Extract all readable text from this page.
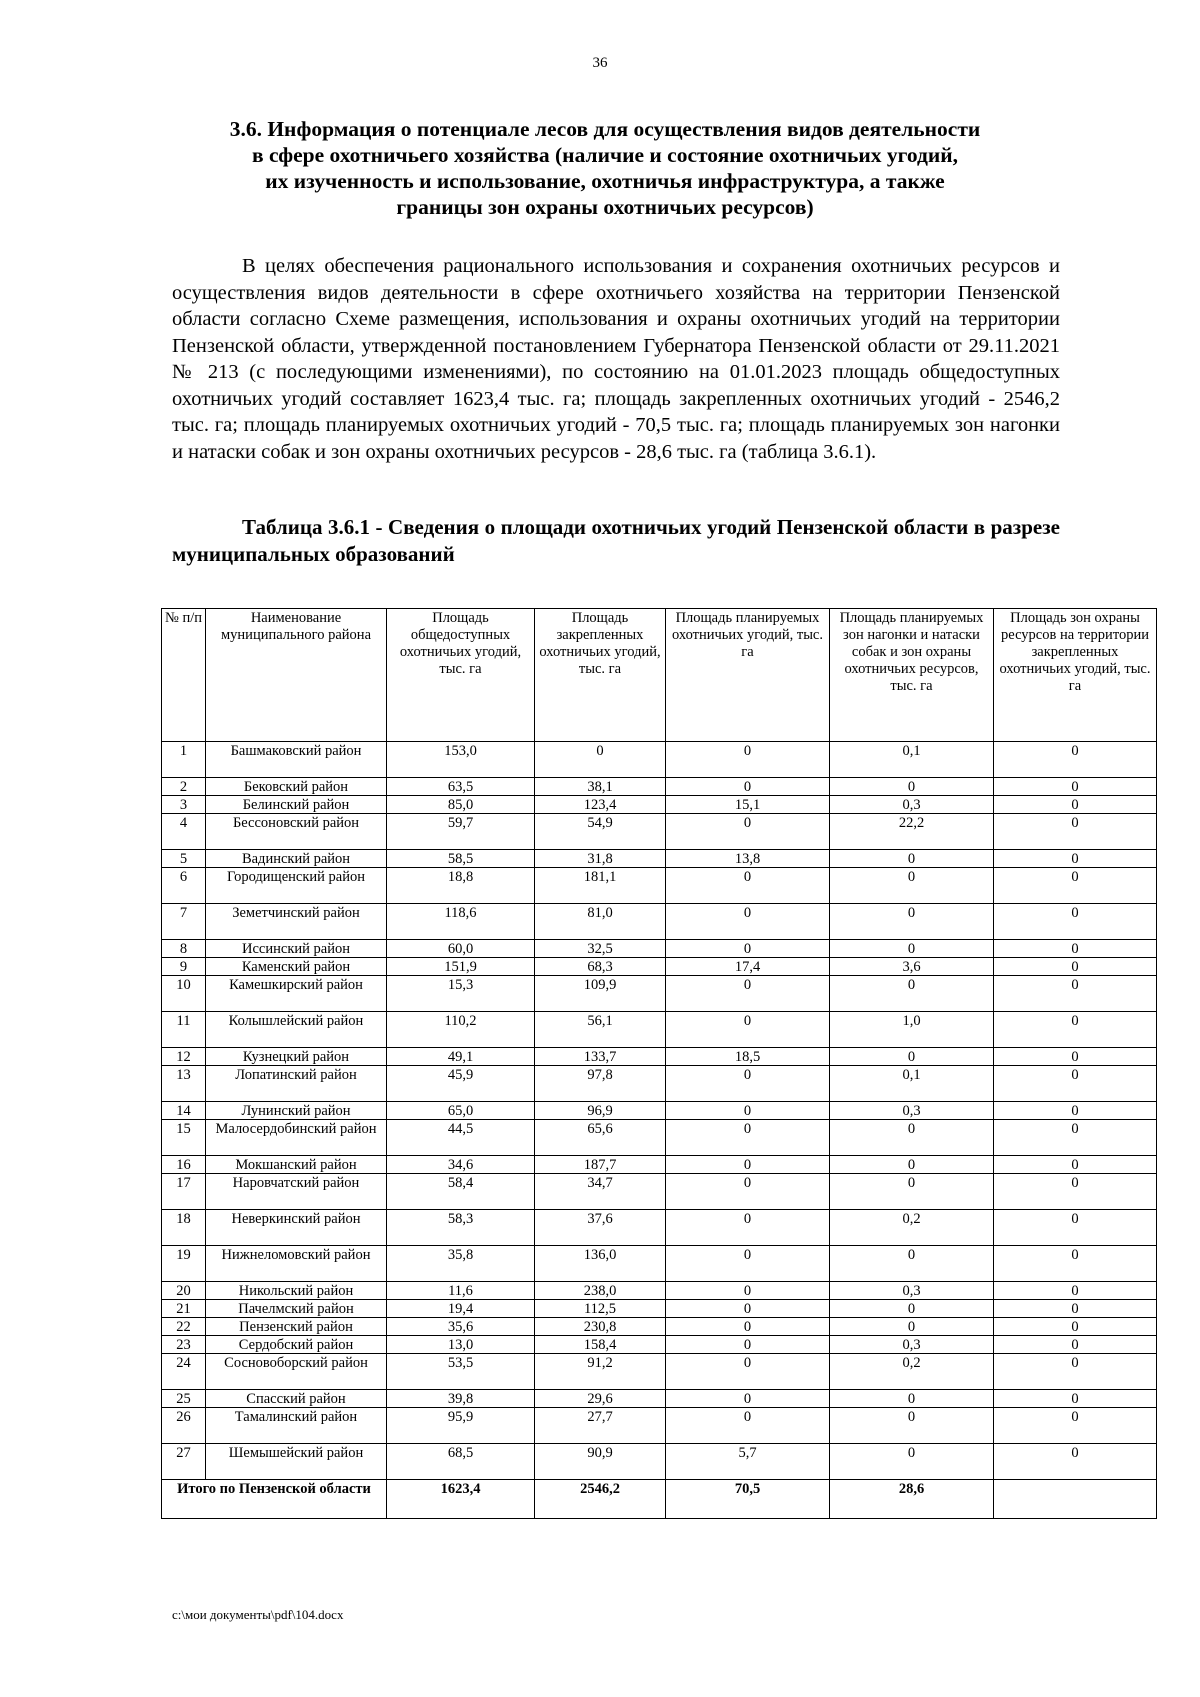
36
3.6. Информация о потенциале лесов для осуществления видов деятельности
в сфере охотничьего хозяйства (наличие и состояние охотничьих угодий,
их изученность и использование, охотничья инфраструктура, а также
границы зон охраны охотничьих ресурсов)
В целях обеспечения рационального использования и сохранения охотничьих ресурсов и осуществления видов деятельности в сфере охотничьего хозяйства на территории Пензенской области согласно Схеме размещения, использования и охраны охотничьих угодий на территории Пензенской области, утвержденной постановлением Губернатора Пензенской области от 29.11.2021 № 213 (с последующими изменениями), по состоянию на 01.01.2023 площадь общедоступных охотничьих угодий составляет 1623,4 тыс. га; площадь закрепленных охотничьих угодий - 2546,2 тыс. га; площадь планируемых охотничьих угодий - 70,5 тыс. га; площадь планируемых зон нагонки и натаски собак и зон охраны охотничьих ресурсов - 28,6 тыс. га (таблица 3.6.1).
Таблица 3.6.1 - Сведения о площади охотничьих угодий Пензенской области в разрезе муниципальных образований
№ п/п	Наименование муниципального района	Площадь общедоступных охотничьих угодий, тыс. га	Площадь закрепленных охотничьих угодий, тыс. га	Площадь планируемых охотничьих угодий, тыс. га	Площадь планируемых зон нагонки и натаски собак и зон охраны охотничьих ресурсов, тыс. га	Площадь зон охраны ресурсов на территории закрепленных охотничьих угодий, тыс. га
1	Башмаковский район	153,0	0	0	0,1	0
2	Бековский район	63,5	38,1	0	0	0
3	Белинский район	85,0	123,4	15,1	0,3	0
4	Бессоновский район	59,7	54,9	0	22,2	0
5	Вадинский район	58,5	31,8	13,8	0	0
6	Городищенский район	18,8	181,1	0	0	0
7	Земетчинский район	118,6	81,0	0	0	0
8	Иссинский район	60,0	32,5	0	0	0
9	Каменский район	151,9	68,3	17,4	3,6	0
10	Камешкирский район	15,3	109,9	0	0	0
11	Колышлейский район	110,2	56,1	0	1,0	0
12	Кузнецкий район	49,1	133,7	18,5	0	0
13	Лопатинский район	45,9	97,8	0	0,1	0
14	Лунинский район	65,0	96,9	0	0,3	0
15	Малосердобинский район	44,5	65,6	0	0	0
16	Мокшанский район	34,6	187,7	0	0	0
17	Наровчатский район	58,4	34,7	0	0	0
18	Неверкинский район	58,3	37,6	0	0,2	0
19	Нижнеломовский район	35,8	136,0	0	0	0
20	Никольский район	11,6	238,0	0	0,3	0
21	Пачелмский район	19,4	112,5	0	0	0
22	Пензенский район	35,6	230,8	0	0	0
23	Сердобский район	13,0	158,4	0	0,3	0
24	Сосновоборский район	53,5	91,2	0	0,2	0
25	Спасский район	39,8	29,6	0	0	0
26	Тамалинский район	95,9	27,7	0	0	0
27	Шемышейский район	68,5	90,9	5,7	0	0
Итого по Пензенской области		1623,4	2546,2	70,5	28,6	
c:\мои документы\pdf\104.docx
